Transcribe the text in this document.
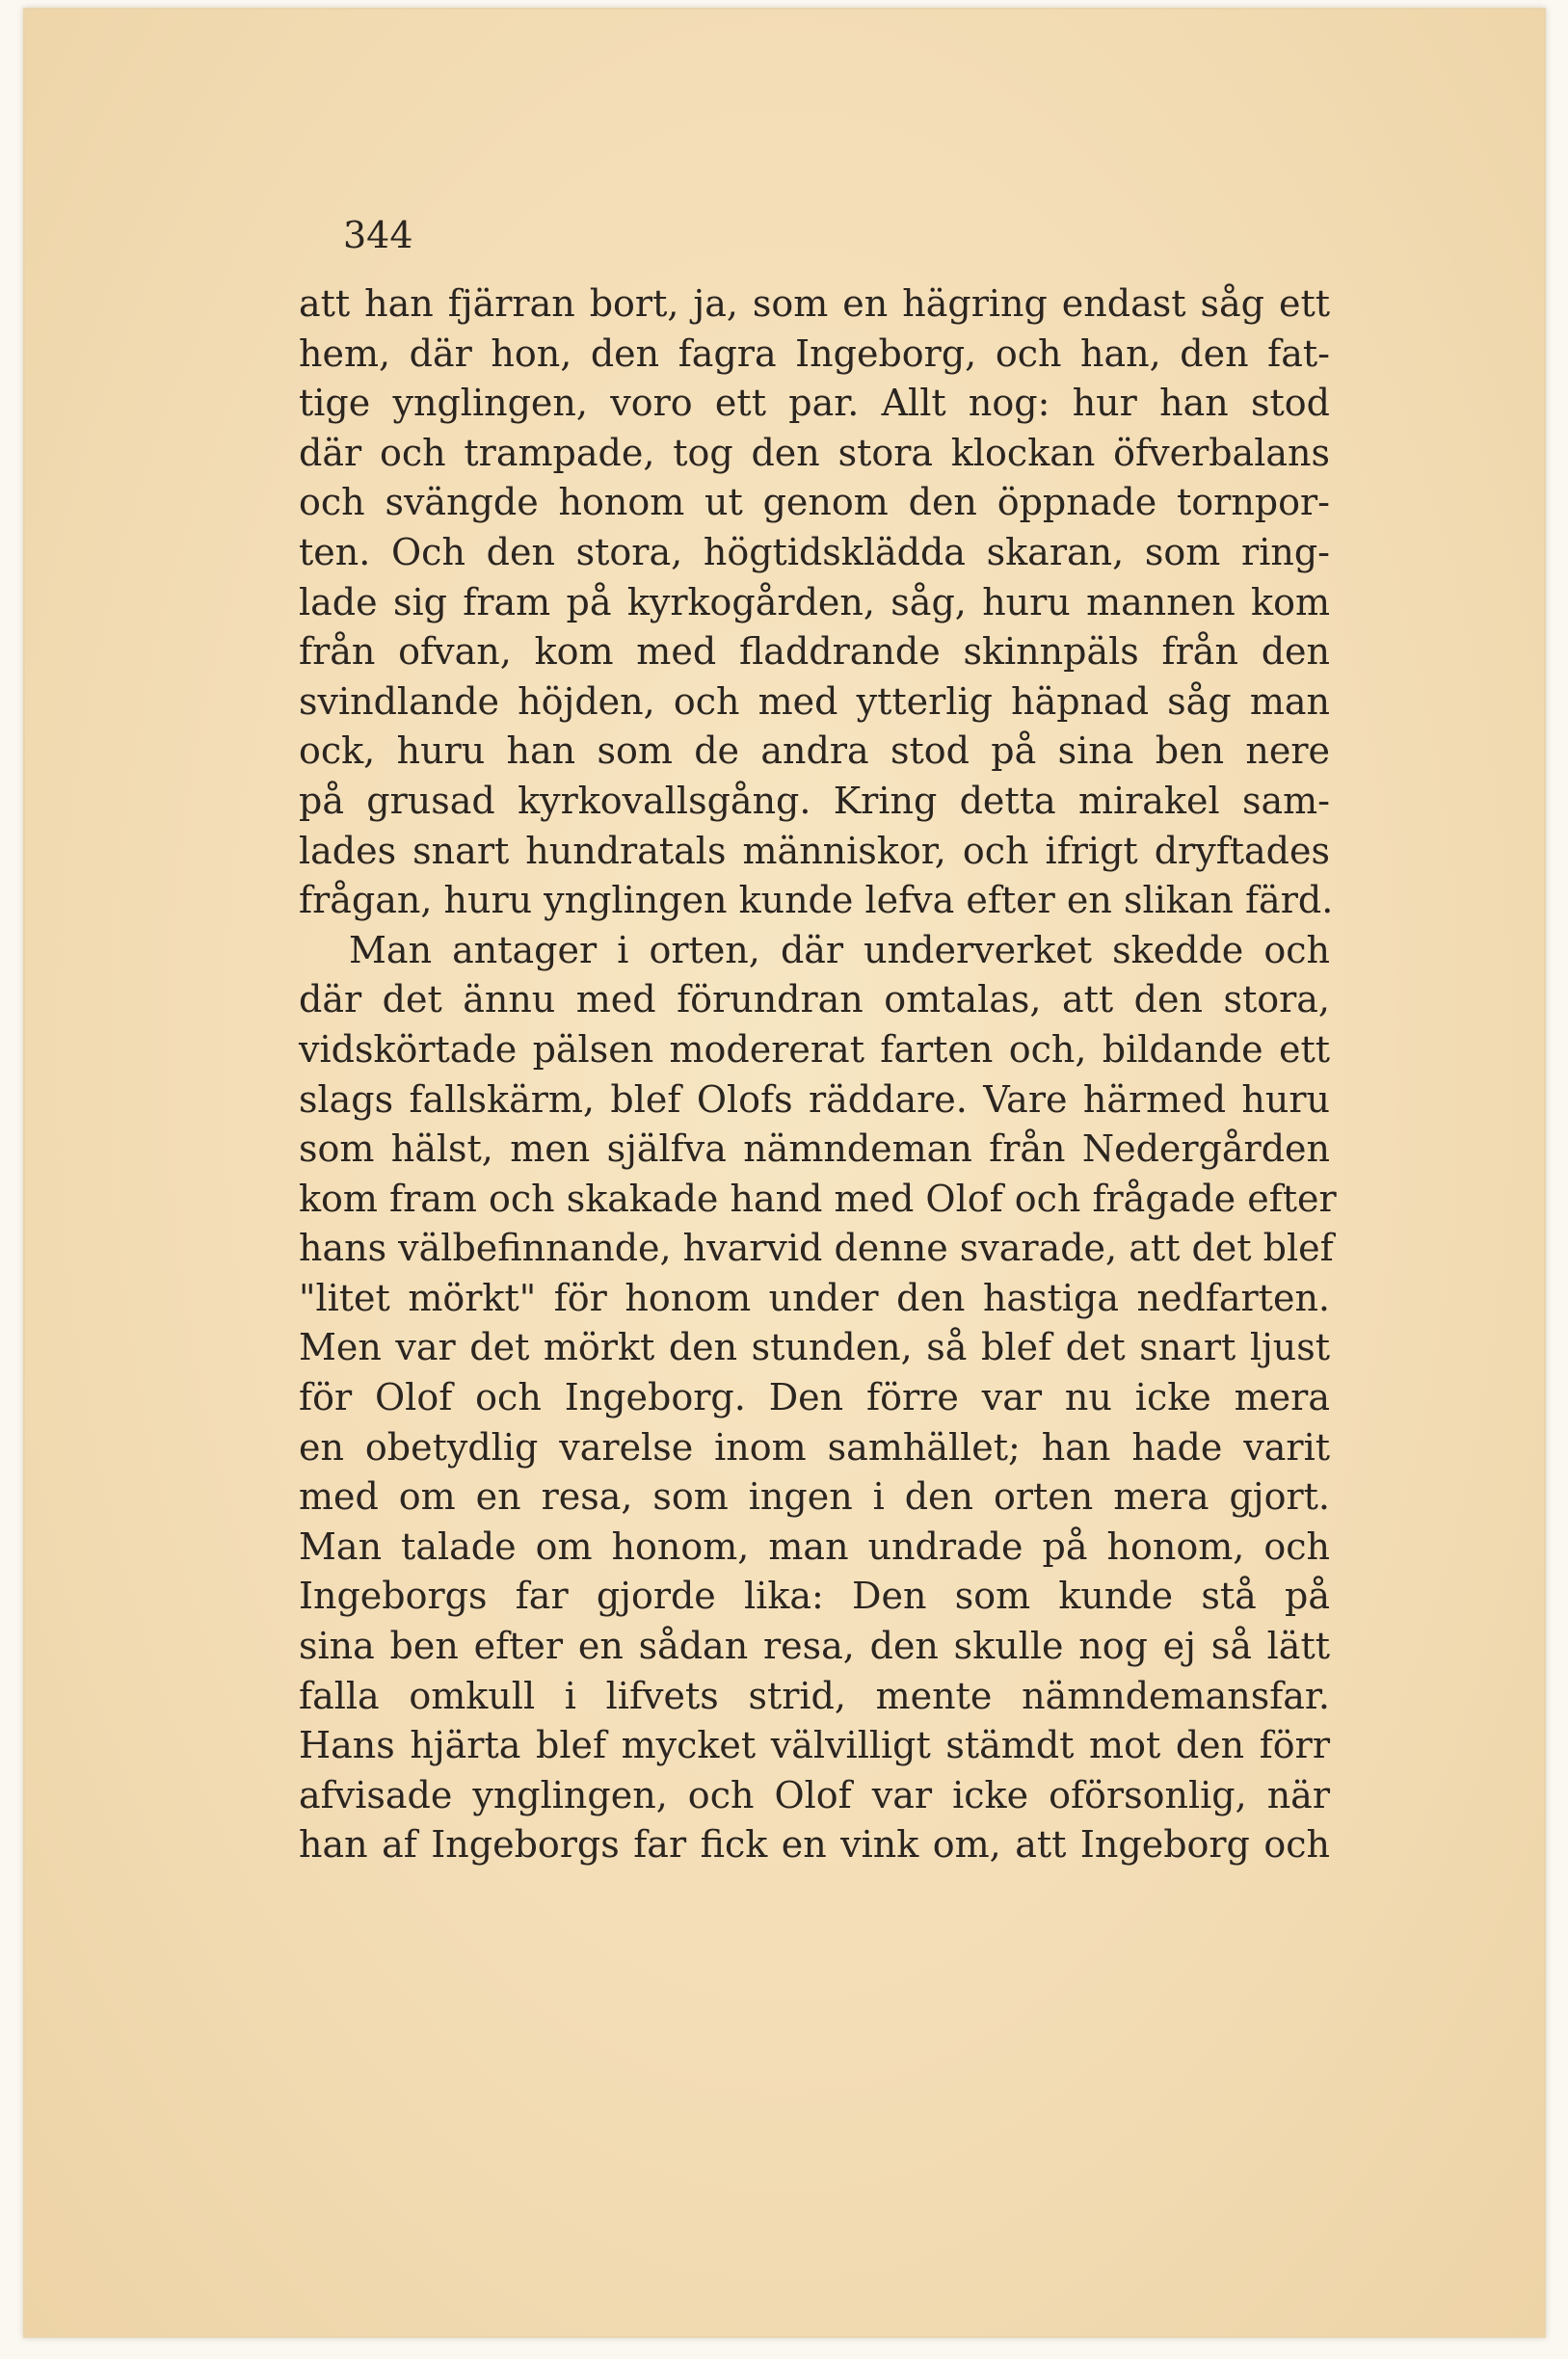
344

att han fjärran bort, ja, som en hägring endast såg ett
hem, där hon, den fagra Ingeborg, och han, den fat-
tige ynglingen, voro ett par. Allt nog: hur han stod
där och trampade, tog den stora klockan öfverbalans
och svängde honom ut genom den öppnade tornpor-
ten. Och den stora, högtidsklädda skaran, som ring-
lade sig fram på kyrkogården, såg, huru mannen kom
från ofvan, kom med fladdrande skinnpäls från den
svindlande höjden, och med ytterlig häpnad såg man
ock, huru han som de andra stod på sina ben nere
på grusad kyrkovallsgång. Kring detta mirakel sam-
lades snart hundratals människor, och ifrigt dryftades
frågan, huru ynglingen kunde lefva efter en slikan färd.
Man antager i orten, där underverket skedde och
där det ännu med förundran omtalas, att den stora,
vidskörtade pälsen modererat farten och, bildande ett
slags fallskärm, blef Olofs räddare. Vare härmed huru
som hälst, men själfva nämndeman från Nedergården
kom fram och skakade hand med Olof och frågade efter
hans välbefinnande, hvarvid denne svarade, att det blef
"litet mörkt" för honom under den hastiga nedfarten.
Men var det mörkt den stunden, så blef det snart ljust
för Olof och Ingeborg. Den förre var nu icke mera
en obetydlig varelse inom samhället; han hade varit
med om en resa, som ingen i den orten mera gjort.
Man talade om honom, man undrade på honom, och
Ingeborgs far gjorde lika: Den som kunde stå på
sina ben efter en sådan resa, den skulle nog ej så lätt
falla omkull i lifvets strid, mente nämndemansfar.
Hans hjärta blef mycket välvilligt stämdt mot den förr
afvisade ynglingen, och Olof var icke oförsonlig, när
han af Ingeborgs far fick en vink om, att Ingeborg och
